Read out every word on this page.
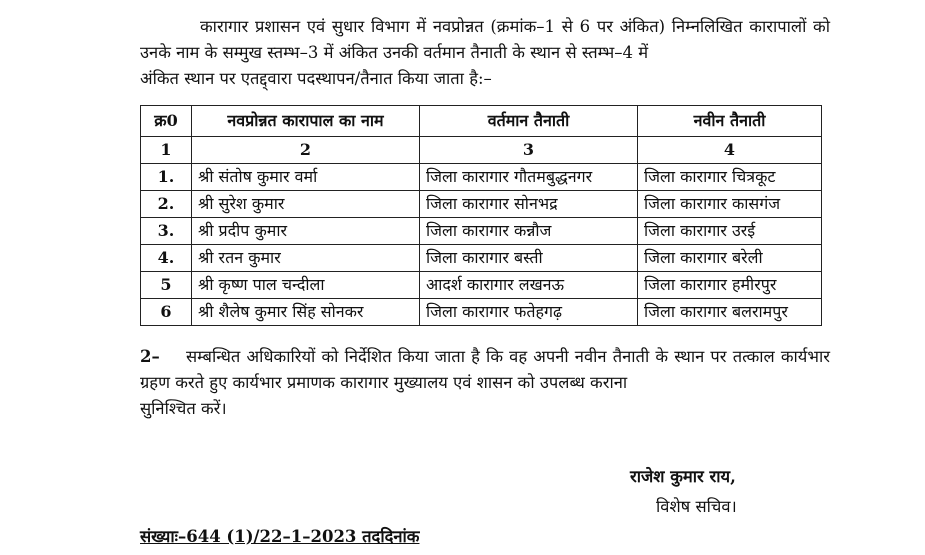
कारागार प्रशासन एवं सुधार विभाग में नवप्रोन्नत (क्रमांक–1 से 6 पर अंकित) निम्नलिखित कारापालों को उनके नाम के सम्मुख स्तम्भ–3 में अंकित उनकी वर्तमान तैनाती के स्थान से स्तम्भ–4 में
अंकित स्थान पर एतद्द्वारा पदस्थापन/तैनात किया जाता है:–
क्र0	नवप्रोन्नत कारापाल का नाम	वर्तमान तैनाती	नवीन तैनाती
1	2	3	4
1.	श्री संतोष कुमार वर्मा	जिला कारागार गौतमबुद्धनगर	जिला कारागार चित्रकूट
2.	श्री सुरेश कुमार	जिला कारागार सोनभद्र	जिला कारागार कासगंज
3.	श्री प्रदीप कुमार	जिला कारागार कन्नौज	जिला कारागार उरई
4.	श्री रतन कुमार	जिला कारागार बस्ती	जिला कारागार बरेली
5	श्री कृष्ण पाल चन्दीला	आदर्श कारागार लखनऊ	जिला कारागार हमीरपुर
6	श्री शैलेष कुमार सिंह सोनकर	जिला कारागार फतेहगढ़	जिला कारागार बलरामपुर
2– सम्बन्धित अधिकारियों को निर्देशित किया जाता है कि वह अपनी नवीन तैनाती के स्थान पर तत्काल कार्यभार ग्रहण करते हुए कार्यभार प्रमाणक कारागार मुख्यालय एवं शासन को उपलब्ध कराना
सुनिश्चित करें।
राजेश कुमार राय,
विशेष सचिव।
संख्याः–644 (1)/22–1–2023 तददिनांक
